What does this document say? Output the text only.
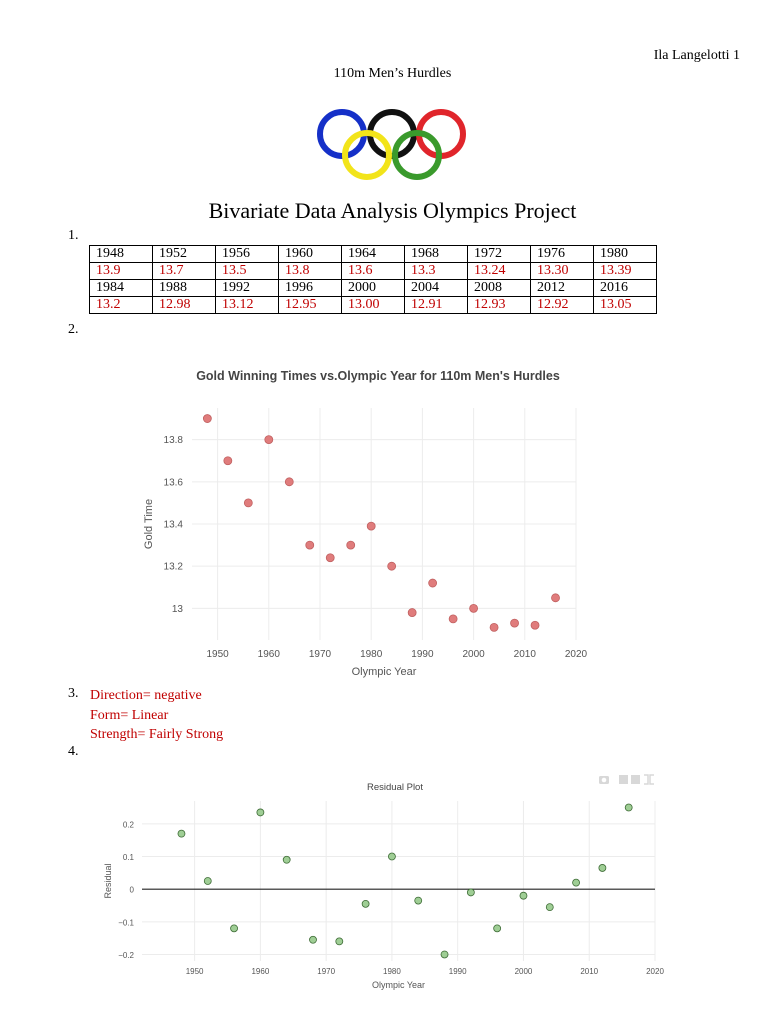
Ila Langelotti 1
110m Men’s Hurdles
Bivariate Data Analysis Olympics Project
1.
1948	1952	1956	1960	1964	1968	1972	1976	1980
13.9	13.7	13.5	13.8	13.6	13.3	13.24	13.30	13.39
1984	1988	1992	1996	2000	2004	2008	2012	2016
13.2	12.98	13.12	12.95	13.00	12.91	12.93	12.92	13.05
2.
Gold Winning Times vs.Olympic Year for 110m Men's Hurdles
1950	1960	1970	1980	1990	2000	2010	2020
13
13.2
13.4
13.6
13.8
Olympic Year
Gold Time
3. Direction= negative
Form= Linear
Strength= Fairly Strong
4.
Residual Plot
1950	1960	1970	1980	1990	2000	2010	2020
−0.2
−0.1
0
0.1
0.2
Olympic Year
Residual
